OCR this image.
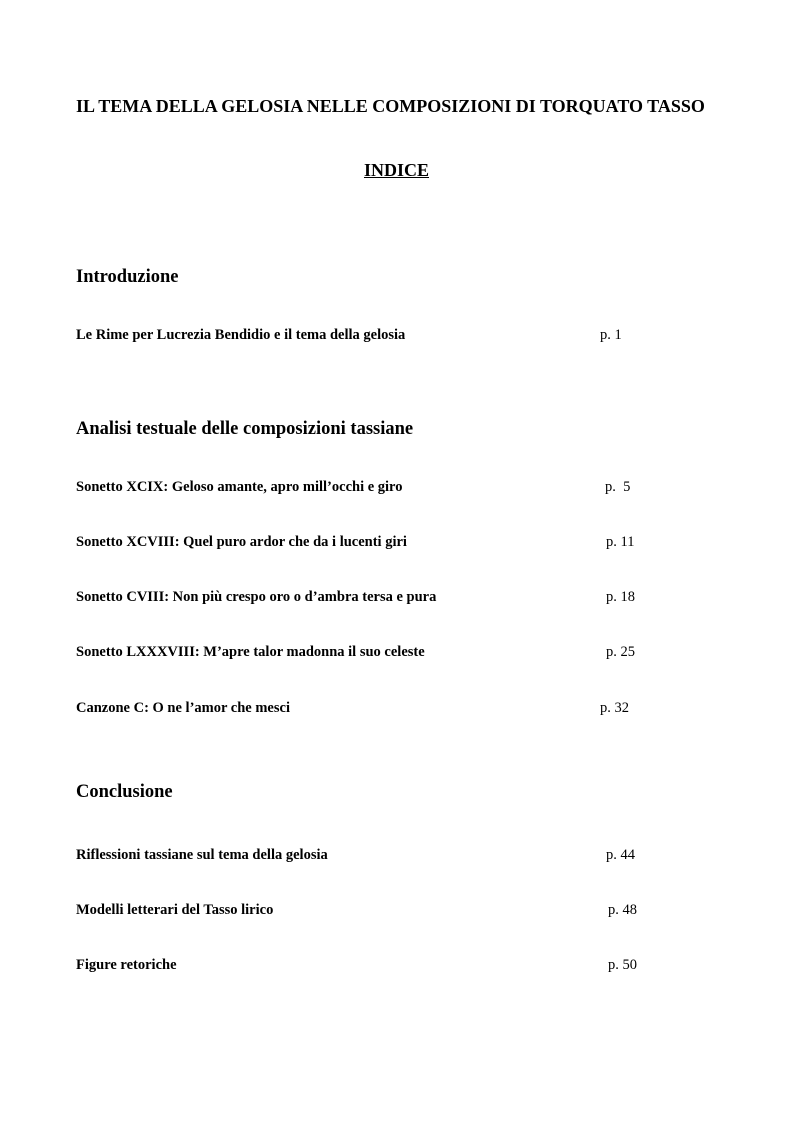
IL TEMA DELLA GELOSIA NELLE COMPOSIZIONI DI TORQUATO TASSO
INDICE
Introduzione
Le Rime per Lucrezia Bendidio e il tema della gelosia	p. 1
Analisi testuale delle composizioni tassiane
Sonetto XCIX: Geloso amante, apro mill’occhi e giro	p.  5
Sonetto XCVIII: Quel puro ardor che da i lucenti giri	p. 11
Sonetto CVIII: Non più crespo oro o d’ambra tersa e pura	p. 18
Sonetto LXXXVIII: M’apre talor madonna il suo celeste	p. 25
Canzone C: O ne l’amor che mesci	p. 32
Conclusione
Riflessioni tassiane sul tema della gelosia	p. 44
Modelli letterari del Tasso lirico	p. 48
Figure retoriche	p. 50
